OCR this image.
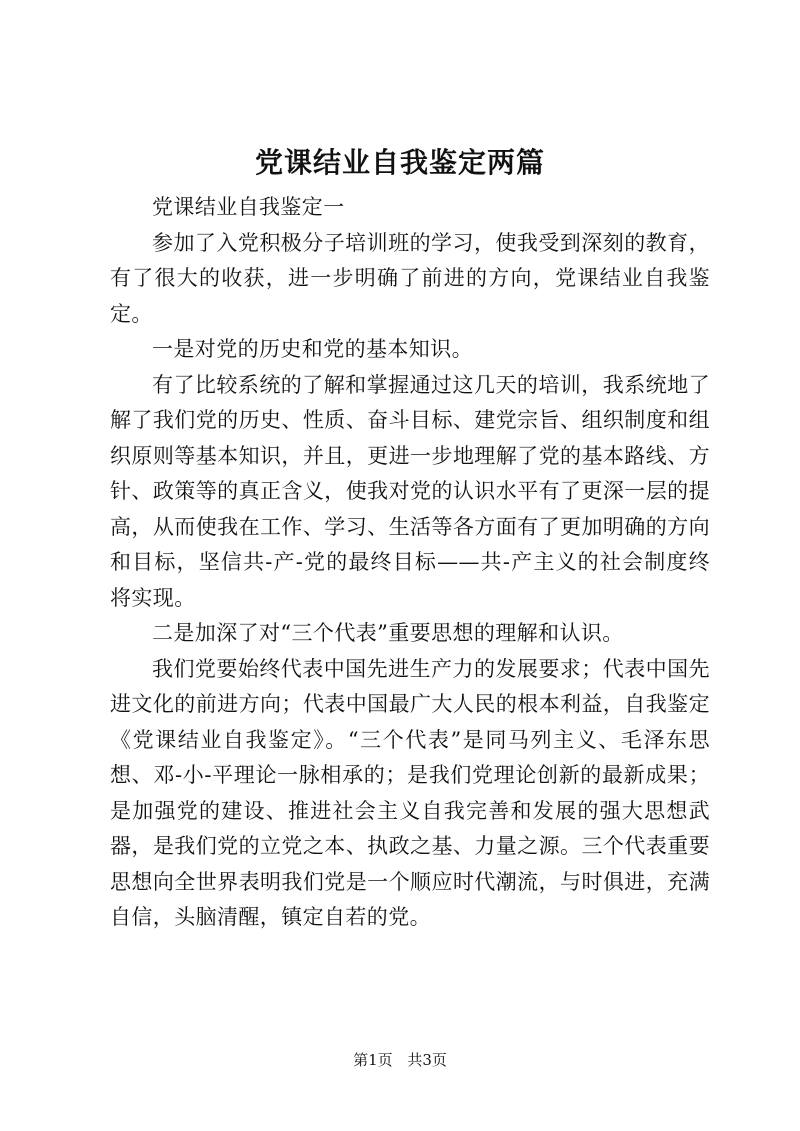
党课结业自我鉴定两篇

党课结业自我鉴定一

参加了入党积极分子培训班的学习，使我受到深刻的教育，有了很大的收获，进一步明确了前进的方向，党课结业自我鉴定。

一是对党的历史和党的基本知识。

有了比较系统的了解和掌握通过这几天的培训，我系统地了解了我们党的历史、性质、奋斗目标、建党宗旨、组织制度和组织原则等基本知识，并且，更进一步地理解了党的基本路线、方针、政策等的真正含义，使我对党的认识水平有了更深一层的提高，从而使我在工作、学习、生活等各方面有了更加明确的方向和目标，坚信共-产-党的最终目标——共-产主义的社会制度终将实现。

二是加深了对“三个代表”重要思想的理解和认识。

我们党要始终代表中国先进生产力的发展要求；代表中国先进文化的前进方向；代表中国最广大人民的根本利益，自我鉴定《党课结业自我鉴定》。“三个代表”是同马列主义、毛泽东思想、邓-小-平理论一脉相承的；是我们党理论创新的最新成果；是加强党的建设、推进社会主义自我完善和发展的强大思想武器，是我们党的立党之本、执政之基、力量之源。三个代表重要思想向全世界表明我们党是一个顺应时代潮流，与时俱进，充满自信，头脑清醒，镇定自若的党。

第1页 共3页
